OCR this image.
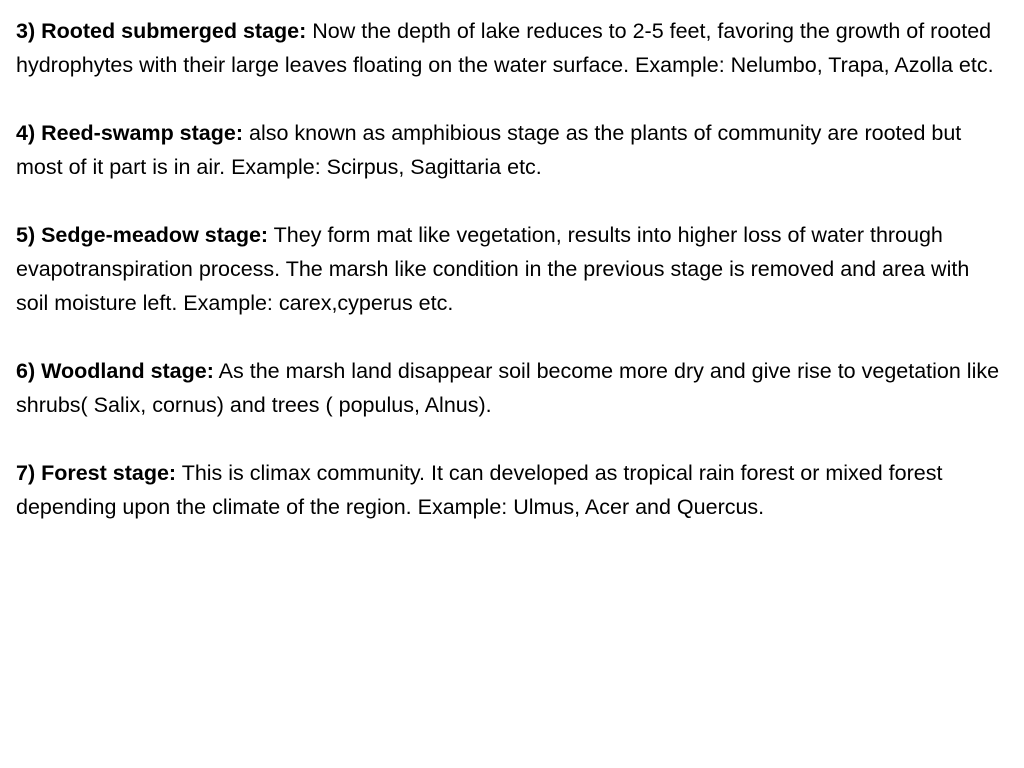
3) Rooted submerged stage: Now the depth of lake reduces to 2-5 feet, favoring the growth of rooted hydrophytes with their large leaves floating on the water surface. Example: Nelumbo, Trapa, Azolla etc.

4) Reed-swamp stage: also known as amphibious stage as the plants of community are rooted but most of it part is in air. Example: Scirpus, Sagittaria etc.

5) Sedge-meadow stage: They form mat like vegetation, results into higher loss of water through evapotranspiration process. The marsh like condition in the previous stage is removed and area with soil moisture left. Example: carex,cyperus etc.

6) Woodland stage: As the marsh land disappear soil become more dry and give rise to vegetation like shrubs( Salix, cornus) and trees ( populus, Alnus).

7) Forest stage: This is climax community. It can developed as tropical rain forest or mixed forest depending upon the climate of the region. Example: Ulmus, Acer and Quercus.
